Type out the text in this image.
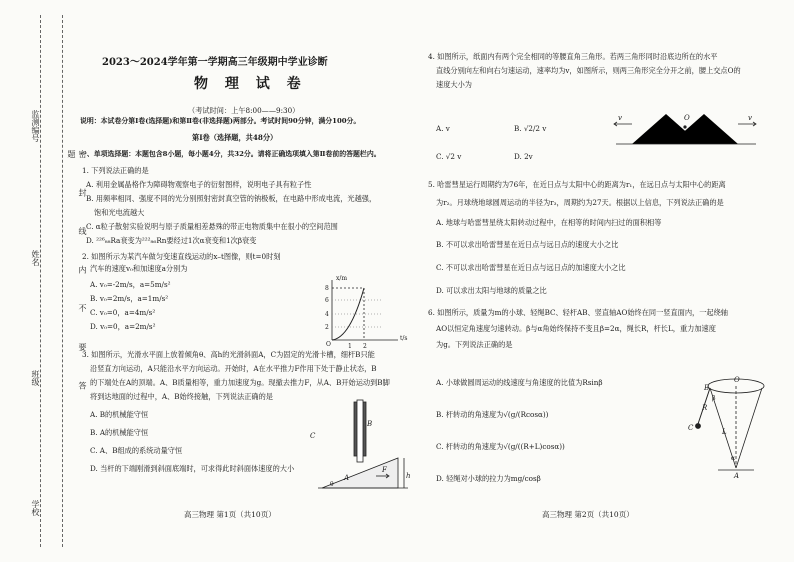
密 封 线 内 不 要 答 题
监测编号
姓名
班级
学校
2023～2024学年第一学期高三年级期中学业诊断
物 理 试 卷
（考试时间：上午8:00——9:30）
说明：本试卷分第Ⅰ卷(选择题)和第Ⅱ卷(非选择题)两部分。考试时间90分钟，满分100分。
第Ⅰ卷（选择题，共48分）
一、单项选择题：本题包含8小题，每小题4分，共32分。请将正确选项填入第Ⅱ卷前的答题栏内。
1. 下列说法正确的是
A. 利用金属晶格作为障碍物观察电子的衍射图样，说明电子具有粒子性
B. 用频率相同、强度不同的光分别照射密封真空管的钠极板，在电路中形成电流，光越强，
饱和光电流越大
C. α粒子散射实验说明与原子质量相差悬殊的带正电物质集中在很小的空间范围
D. ²²⁶₈₈Ra衰变为²²²₈₆Rn要经过1次α衰变和1次β衰变
2. 如图所示为某汽车做匀变速直线运动的x–t图像，则t=0时刻
汽车的速度v₀和加速度a分别为
A. v₀=-2m/s，a=5m/s²
B. v₀=2m/s，a=1m/s²
C. v₀=0，a=4m/s²
D. v₀=0，a=2m/s²
x/m
t/s
8
6
4
2
1 2
O
3. 如图所示，光滑水平面上放着倾角θ、高h的光滑斜面A，C为固定的光滑卡槽，细杆B只能
沿竖直方向运动，A只能沿水平方向运动。开始时，A在水平推力F作用下处于静止状态，B
的下端处在A的顶端。A、B质量相等，重力加速度为g。现撤去推力F，从A、B开始运动到B脚
将到达地面的过程中，A、B始终接触，下列说法正确的是
A. B的机械能守恒
B. A的机械能守恒
C. A、B组成的系统动量守恒
D. 当杆的下端刚滑到斜面底端时，可求得此时斜面体速度的大小
C
B
A
F
h
θ
高三物理 第1页（共10页）
4. 如图所示，纸面内有两个完全相同的等腰直角三角形。若两三角形同时沿底边所在的水平
直线分别向左和向右匀速运动，速率均为v，如图所示，则两三角形完全分开之前，腰上交点O的
速度大小为
A. v	B. √2/2 v
C. √2 v	D. 2v
O
v	v
5. 哈雷彗星运行周期约为76年，在近日点与太阳中心的距离为r₁，在远日点与太阳中心的距离
为r₂。月球绕地球圆周运动的半径为r₃，周期约为27天。根据以上信息，下列说法正确的是
A. 地球与哈雷彗星绕太阳转动过程中，在相等的时间内扫过的面积相等
B. 不可以求出哈雷彗星在近日点与远日点的速度大小之比
C. 不可以求出哈雷彗星在近日点与远日点的加速度大小之比
D. 可以求出太阳与地球的质量之比
6. 如图所示，质量为m的小球、轻绳BC、轻杆AB、竖直轴AO始终在同一竖直面内，一起绕轴
AO以恒定角速度匀速转动。β与α角始终保持不变且β=2α，绳长R，杆长L，重力加速度
为g。下列说法正确的是
A. 小球做圆周运动的线速度与角速度的比值为Rsinβ
B. 杆转动的角速度为√(g/(Rcosα))
C. 杆转动的角速度为√(g/((R+L)cosα))
D. 轻绳对小球的拉力为mg/cosβ
O
B
C
A
R
L
β
α
高三物理 第2页（共10页）
